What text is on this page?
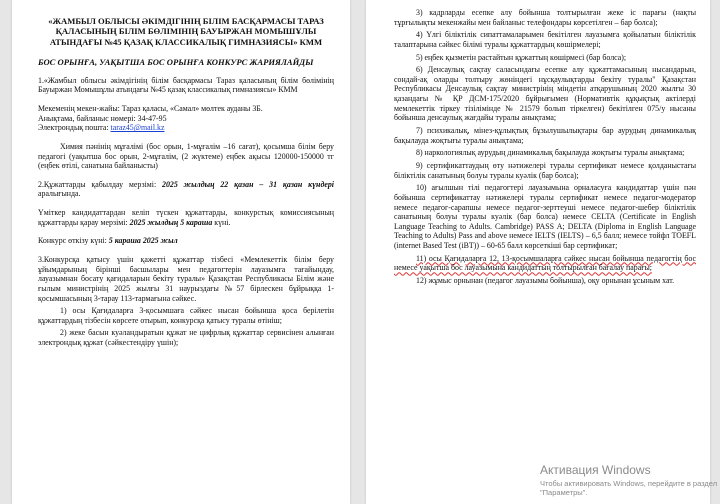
«ЖАМБЫЛ ОБЛЫСЫ ӘКІМДІГІНІҢ БІЛІМ БАСҚАРМАСЫ ТАРАЗ ҚАЛАСЫНЫҢ БІЛІМ БӨЛІМІНІҢ БАУЫРЖАН МОМЫШҰЛЫ АТЫНДАҒЫ №45 ҚАЗАҚ КЛАССИКАЛЫҚ ГИМНАЗИЯСЫ» КММ

БОС ОРЫНҒА, УАҚЫТША БОС ОРЫНҒА КОНКУРС ЖАРИЯЛАЙДЫ

1.«Жамбыл облысы әкімдігінің білім басқармасы Тараз қаласының білім бөлімінің Бауыржан Момышұлы атындағы №45 қазақ классикалық гимназиясы» КММ

Мекеменің мекен-жайы: Тараз қаласы, «Самал» мөлтек ауданы 3Б.

Анықтама, байланыс нөмері: 34-47-95

Электрондық пошта: taraz45@mail.kz

Химия пәнінің мұғалімі (бос орын, 1-мұғалім –16 сағат), қосымша білім беру педагогі (уақытша бос орын, 2-мұғалім, (2 жүктеме) еңбек ақысы 120000-150000 тг (еңбек өтілі, санатына байланысты)

2.Құжаттарды қабылдау мерзімі: 2025 жылдың 22 қазан – 31 қазан күндері аралығында.

Үміткер кандидаттардан келіп түскен құжаттарды, конкурстық комиссиясының құжаттарды қарау мерзімі: 2025 жылдың 5 караша күні.

Конкурс өткізу күні: 5 караша 2025 жыл

3.Конкурсқа қатысу үшін қажетті құжаттар тізбесі «Мемлекеттік білім беру ұйымдарының бірінші басшылары мен педагогтерін лауазымға тағайындау, лауазымнан босату қағидаларын бекіту туралы» Қазақстан Республикасы Білім және ғылым министрінің 2025 жылғы 31 наурыздағы №57 бірлескен бұйрыққа 1-қосымшасының 3-тарау 113-тармағына сәйкес.

1) осы Қағидаларға 3-қосымшаға сәйкес нысан бойынша қоса берілетін құжаттардың тізбесін көрсете отырып, конкурсқа қатысу туралы өтініш;

2) жеке басын куәландыратын құжат не цифрлық құжаттар сервисінен алынған электрондық құжат (сәйкестендіру үшін);

3) кадрларды есепке алу бойынша толтырылған жеке іс парағы (нақты тұрғылықты мекенжайы мен байланыс телефондары көрсетілген – бар болса);

4) Үлгі біліктілік сипаттамаларымен бекітілген лауазымға қойылатын біліктілік талаптарына сәйкес білімі туралы құжаттардың көшірмелері;

5) еңбек қызметін растайтын құжаттың көшірмесі (бар болса);

6) Денсаулық сақтау саласындағы есепке алу құжаттамасының нысандарын, сондай-ақ оларды толтыру жөніндегі нұсқаулықтарды бекіту туралы" Қазақстан Республикасы Денсаулық сақтау министрінің міндетін атқарушының 2020 жылғы 30 қазандағы № ҚР ДСМ-175/2020 бұйрығымен (Нормативтік құқықтық актілерді мемлекеттік тіркеу тізілімінде № 21579 болып тіркелген) бекітілген 075/у нысаны бойынша денсаулық жағдайы туралы анықтама;

7) психикалық, мінез-құлықтық бұзылушылықтары бар аурудың динамикалық бақылауда жоқтығы туралы анықтама;

8) наркологиялық аурудың динамикалық бақылауда жоқтығы туралы анықтама;

9) сертификаттаудың өту нәтижелері туралы сертификат немесе қолданыстағы біліктілік санатының болуы туралы куәлік (бар болса);

10) ағылшын тілі педагогтері лауазымына орналасуға кандидаттар үшін пән бойынша сертификаттау нәтижелері туралы сертификат немесе педагог-модератор немесе педагог-сарапшы немесе педагог-зерттеуші немесе педагог-шебер біліктілік санатының болуы туралы куәлік (бар болса) немесе CELTA (Certificate in English Language Teaching to Adults. Cambridge) PASS A; DELTA (Diploma in English Language Teaching to Adults) Pass and above немесе IELTS (IELTS) – 6,5 балл; немесе тойфл TOEFL (internet Based Test (iBT)) – 60-65 балл көрсеткіші бар сертификат;

11) осы Қағидаларға 12, 13-қосымшаларға сәйкес нысан бойынша педагогтің бос немесе уақытша бос лауазымына кандидаттың толтырылған бағалау парағы;

12) жұмыс орнынан (педагог лауазымы бойынша), оқу орнынан ұсыным хат.

Активация Windows
Чтобы активировать Windows, перейдите в раздел "Параметры".
